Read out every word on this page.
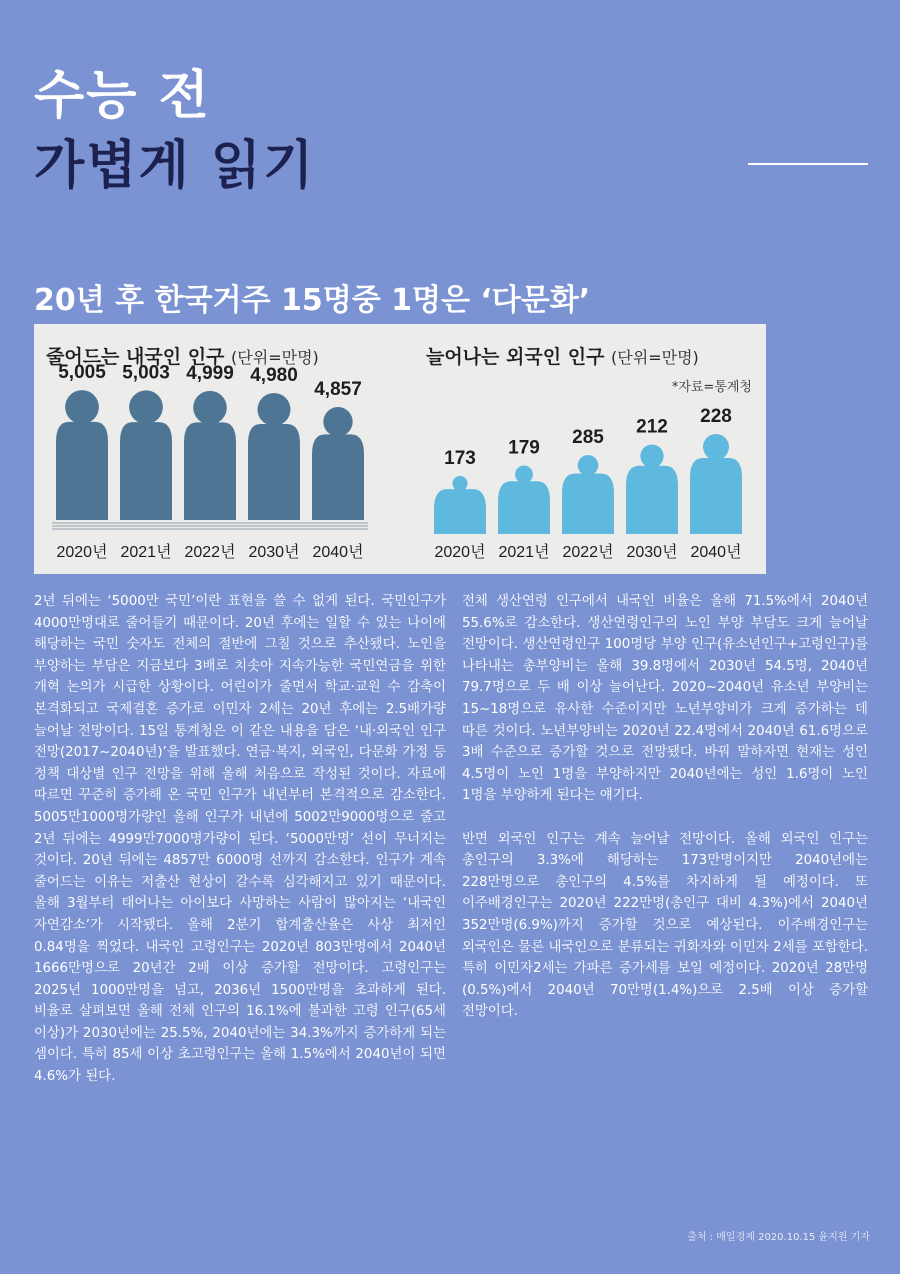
수능 전
가볍게 읽기
20년 후 한국거주 15명중 1명은 ‘다문화’
줄어드는 내국인 인구 (단위=만명)	늘어나는 외국인 인구 (단위=만명)
*자료=통계청
5,005
2020년
5,003
2021년
4,999
2022년
4,980
2030년
4,857
2040년
173
2020년
179
2021년
285
2022년
212
2030년
228
2040년

2년 뒤에는 ‘5000만 국민’이란 표현을 쓸 수 없게 된다. 국민인구가 4000만명대로 줄어들기 때문이다. 20년 후에는 일할 수 있는 나이에 해당하는 국민 숫자도 전체의 절반에 그칠 것으로 추산됐다. 노인을 부양하는 부담은 지금보다 3배로 치솟아 지속가능한 국민연금을 위한 개혁 논의가 시급한 상황이다. 어린이가 줄면서 학교·교원 수 감축이 본격화되고 국제결혼 증가로 이민자 2세는 20년 후에는 2.5배가량 늘어날 전망이다. 15일 통계청은 이 같은 내용을 담은 ‘내·외국인 인구 전망(2017~2040년)’을 발표했다. 연금·복지, 외국인, 다문화 가정 등 정책 대상별 인구 전망을 위해 올해 처음으로 작성된 것이다. 자료에 따르면 꾸준히 증가해 온 국민 인구가 내년부터 본격적으로 감소한다. 5005만1000명가량인 올해 인구가 내년에 5002만9000명으로 줄고 2년 뒤에는 4999만7000명가량이 된다. ‘5000만명’ 선이 무너지는 것이다. 20년 뒤에는 4857만 6000명 선까지 감소한다. 인구가 계속 줄어드는 이유는 저출산 현상이 갈수록 심각해지고 있기 때문이다. 올해 3월부터 태어나는 아이보다 사망하는 사람이 많아지는 ‘내국인 자연감소’가 시작됐다. 올해 2분기 합계출산율은 사상 최저인 0.84명을 찍었다. 내국인 고령인구는 2020년 803만명에서 2040년 1666만명으로 20년간 2배 이상 증가할 전망이다. 고령인구는 2025년 1000만명을 넘고, 2036년 1500만명을 초과하게 된다. 비율로 살펴보면 올해 전체 인구의 16.1%에 불과한 고령 인구(65세 이상)가 2030년에는 25.5%, 2040년에는 34.3%까지 증가하게 되는 셈이다. 특히 85세 이상 초고령인구는 올해 1.5%에서 2040년이 되면 4.6%가 된다.

전체 생산연령 인구에서 내국인 비율은 올해 71.5%에서 2040년 55.6%로 감소한다. 생산연령인구의 노인 부양 부담도 크게 늘어날 전망이다. 생산연령인구 100명당 부양 인구(유소년인구+고령인구)를 나타내는 총부양비는 올해 39.8명에서 2030년 54.5명, 2040년 79.7명으로 두 배 이상 늘어난다. 2020~2040년 유소년 부양비는 15~18명으로 유사한 수준이지만 노년부양비가 크게 증가하는 데 따른 것이다. 노년부양비는 2020년 22.4명에서 2040년 61.6명으로 3배 수준으로 증가할 것으로 전망됐다. 바꿔 말하자면 현재는 성인 4.5명이 노인 1명을 부양하지만 2040년에는 성인 1.6명이 노인 1명을 부양하게 된다는 얘기다.

반면 외국인 인구는 계속 늘어날 전망이다. 올해 외국인 인구는 총인구의 3.3%에 해당하는 173만명이지만 2040년에는 228만명으로 총인구의 4.5%를 차지하게 될 예정이다. 또 이주배경인구는 2020년 222만명(총인구 대비 4.3%)에서 2040년 352만명(6.9%)까지 증가할 것으로 예상된다. 이주배경인구는 외국인은 물론 내국인으로 분류되는 귀화자와 이민자 2세를 포함한다. 특히 이민자2세는 가파른 증가세를 보일 예정이다. 2020년 28만명(0.5%)에서 2040년 70만명(1.4%)으로 2.5배 이상 증가할 전망이다.

출처 : 매일경제 2020.10.15 윤지원 기자
